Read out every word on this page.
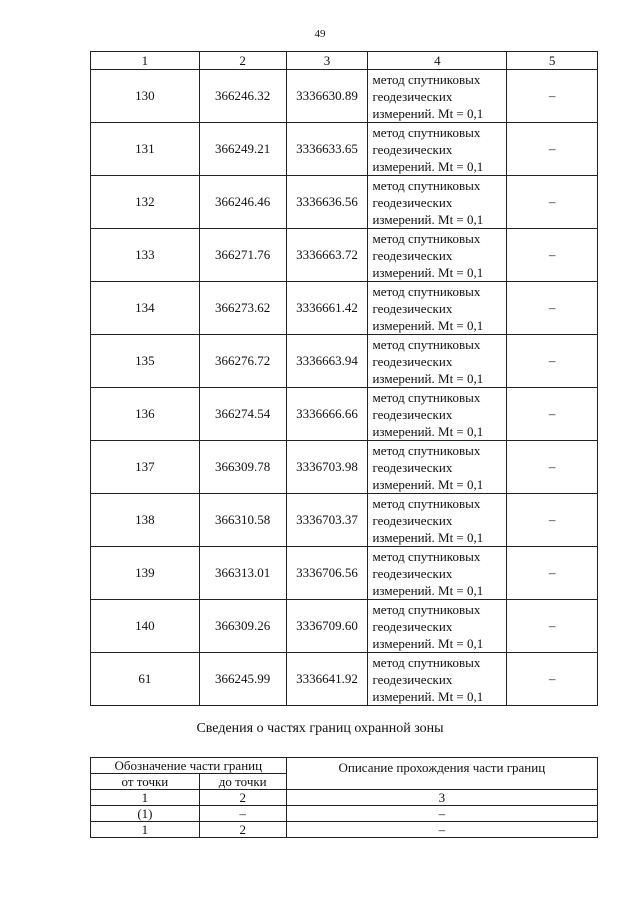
49
1	2	3	4	5
130	366246.32	3336630.89	метод спутниковых
геодезических
измерений. Mt = 0,1	–
131	366249.21	3336633.65	метод спутниковых
геодезических
измерений. Mt = 0,1	–
132	366246.46	3336636.56	метод спутниковых
геодезических
измерений. Mt = 0,1	–
133	366271.76	3336663.72	метод спутниковых
геодезических
измерений. Mt = 0,1	–
134	366273.62	3336661.42	метод спутниковых
геодезических
измерений. Mt = 0,1	–
135	366276.72	3336663.94	метод спутниковых
геодезических
измерений. Mt = 0,1	–
136	366274.54	3336666.66	метод спутниковых
геодезических
измерений. Mt = 0,1	–
137	366309.78	3336703.98	метод спутниковых
геодезических
измерений. Mt = 0,1	–
138	366310.58	3336703.37	метод спутниковых
геодезических
измерений. Mt = 0,1	–
139	366313.01	3336706.56	метод спутниковых
геодезических
измерений. Mt = 0,1	–
140	366309.26	3336709.60	метод спутниковых
геодезических
измерений. Mt = 0,1	–
61	366245.99	3336641.92	метод спутниковых
геодезических
измерений. Mt = 0,1	–
Сведения о частях границ охранной зоны
Обозначение части границ		Описание прохождения части границ
от точки	до точки	
1	2	3
(1)	–	–
1	2	–
